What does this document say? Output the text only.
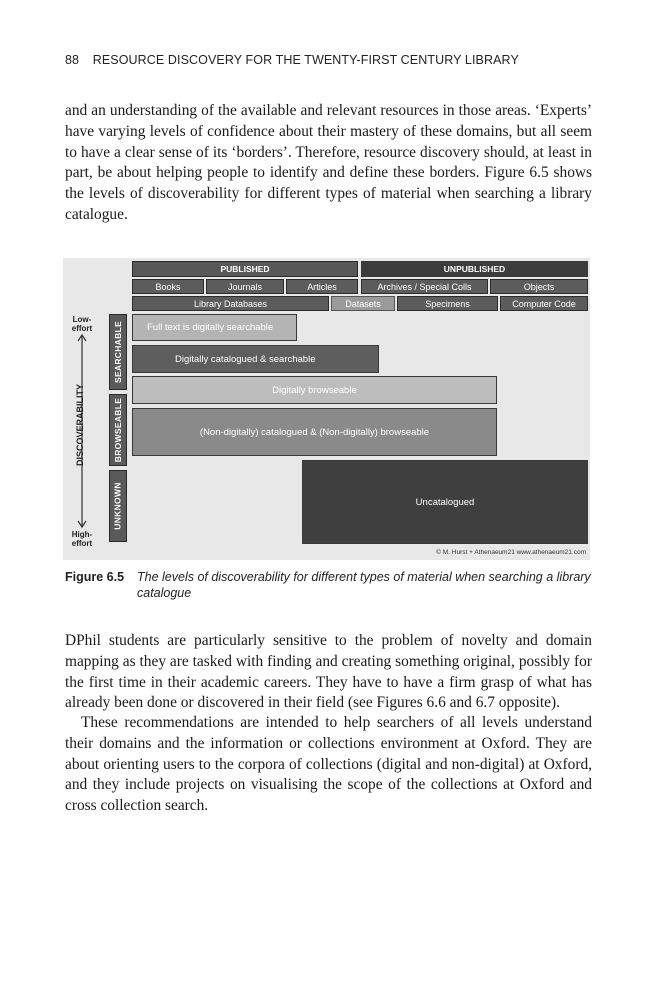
88 RESOURCE DISCOVERY FOR THE TWENTY-FIRST CENTURY LIBRARY

and an understanding of the available and relevant resources in those areas. ‘Experts’ have varying levels of confidence about their mastery of these domains, but all seem to have a clear sense of its ‘borders’. Therefore, resource discovery should, at least in part, be about helping people to identify and define these borders. Figure 6.5 shows the levels of discoverability for different types of material when searching a library catalogue.

PUBLISHED	UNPUBLISHED
Books	Journals	Articles	Archives / Special Colls	Objects
Library Databases	Datasets	Specimens	Computer Code
Low-
effort
DISCOVERABILITY
High-
effort
SEARCHABLE
BROWSEABLE
UNKNOWN
Full text is digitally searchable
Digitally catalogued & searchable
Digitally browseable
(Non-digitally) catalogued & (Non-digitally) browseable
Uncatalogued
© M. Hurst + Athenaeum21 www.athenaeum21.com
Figure 6.5 The levels of discoverability for different types of material when searching a library catalogue

DPhil students are particularly sensitive to the problem of novelty and domain mapping as they are tasked with finding and creating something original, possibly for the first time in their academic careers. They have to have a firm grasp of what has already been done or discovered in their field (see Figures 6.6 and 6.7 opposite).

These recommendations are intended to help searchers of all levels understand their domains and the information or collections environment at Oxford. They are about orienting users to the corpora of collections (digital and non-digital) at Oxford, and they include projects on visualising the scope of the collections at Oxford and cross collection search.
